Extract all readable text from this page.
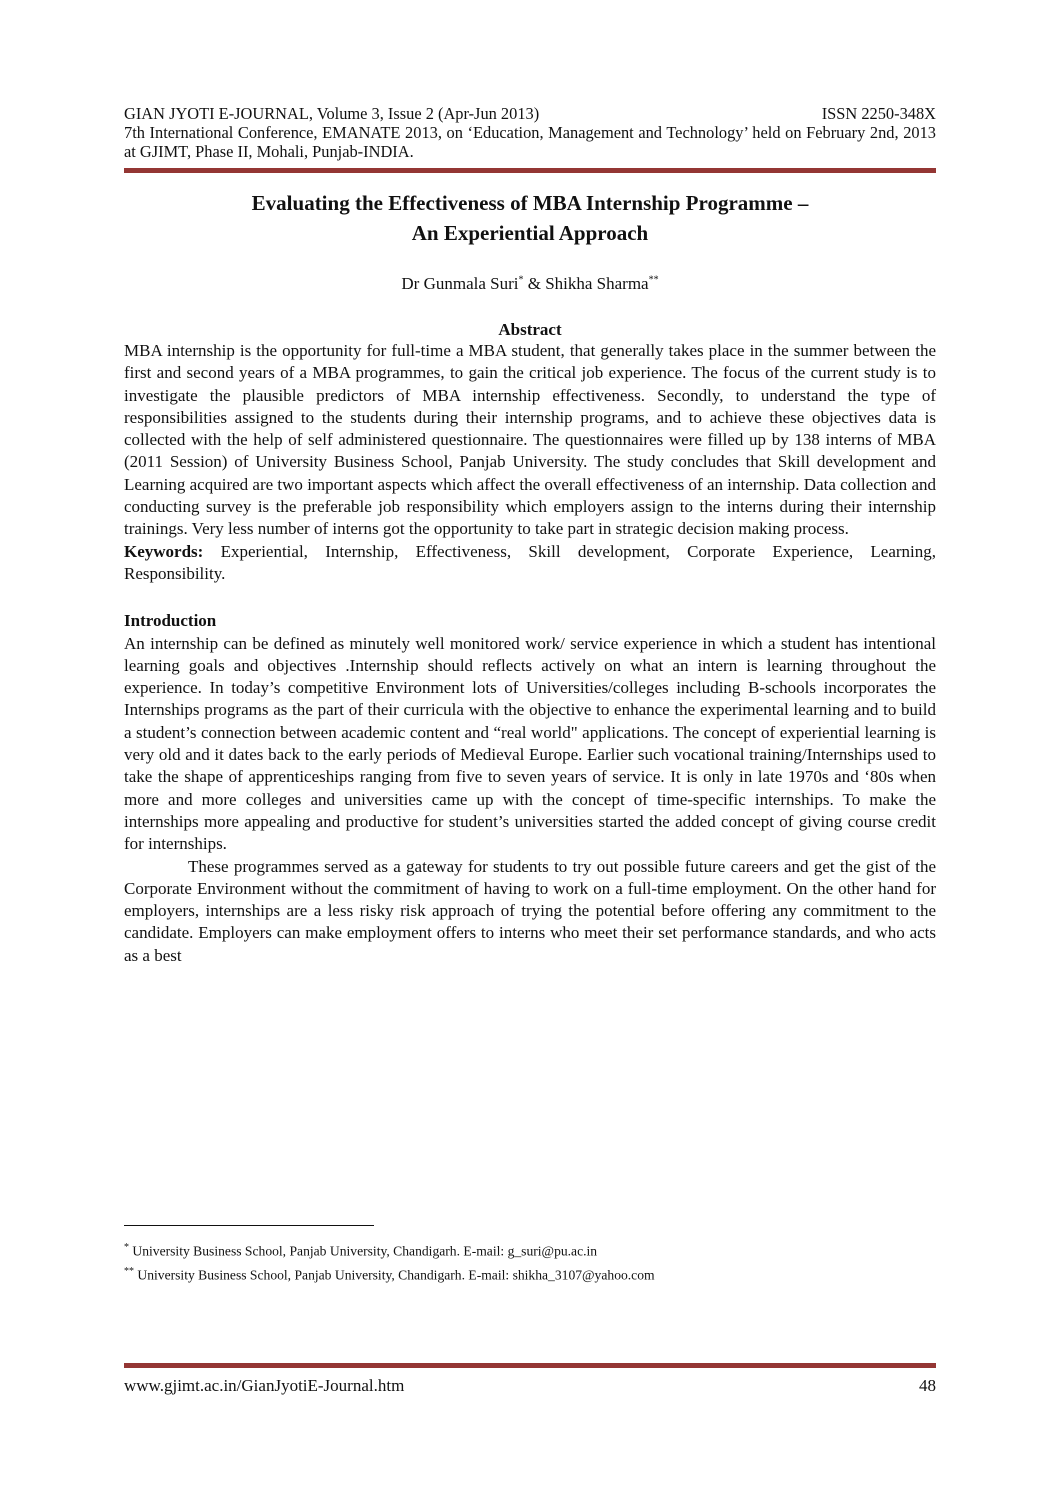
GIAN JYOTI E-JOURNAL, Volume 3, Issue 2 (Apr-Jun 2013)	ISSN 2250-348X
7th International Conference, EMANATE 2013, on ‘Education, Management and Technology’ held on February 2nd, 2013 at GJIMT, Phase II, Mohali, Punjab-INDIA.
Evaluating the Effectiveness of MBA Internship Programme –
An Experiential Approach
Dr Gunmala Suri* & Shikha Sharma**
Abstract

MBA internship is the opportunity for full-time a MBA student, that generally takes place in the summer between the first and second years of a MBA programmes, to gain the critical job experience. The focus of the current study is to investigate the plausible predictors of MBA internship effectiveness. Secondly, to understand the type of responsibilities assigned to the students during their internship programs, and to achieve these objectives data is collected with the help of self administered questionnaire. The questionnaires were filled up by 138 interns of MBA (2011 Session) of University Business School, Panjab University. The study concludes that Skill development and Learning acquired are two important aspects which affect the overall effectiveness of an internship. Data collection and conducting survey is the preferable job responsibility which employers assign to the interns during their internship trainings. Very less number of interns got the opportunity to take part in strategic decision making process.

Keywords: Experiential, Internship, Effectiveness, Skill development, Corporate Experience, Learning, Responsibility.

Introduction

An internship can be defined as minutely well monitored work/ service experience in which a student has intentional learning goals and objectives .Internship should reflects actively on what an intern is learning throughout the experience. In today’s competitive Environment lots of Universities/colleges including B-schools incorporates the Internships programs as the part of their curricula with the objective to enhance the experimental learning and to build a student’s connection between academic content and “real world" applications. The concept of experiential learning is very old and it dates back to the early periods of Medieval Europe. Earlier such vocational training/Internships used to take the shape of apprenticeships ranging from five to seven years of service. It is only in late 1970s and ‘80s when more and more colleges and universities came up with the concept of time-specific internships. To make the internships more appealing and productive for student’s universities started the added concept of giving course credit for internships.

These programmes served as a gateway for students to try out possible future careers and get the gist of the Corporate Environment without the commitment of having to work on a full-time employment. On the other hand for employers, internships are a less risky risk approach of trying the potential before offering any commitment to the candidate. Employers can make employment offers to interns who meet their set performance standards, and who acts as a best

* University Business School, Panjab University, Chandigarh. E-mail: g_suri@pu.ac.in
** University Business School, Panjab University, Chandigarh. E-mail: shikha_3107@yahoo.com
www.gjimt.ac.in/GianJyotiE-Journal.htm	48
